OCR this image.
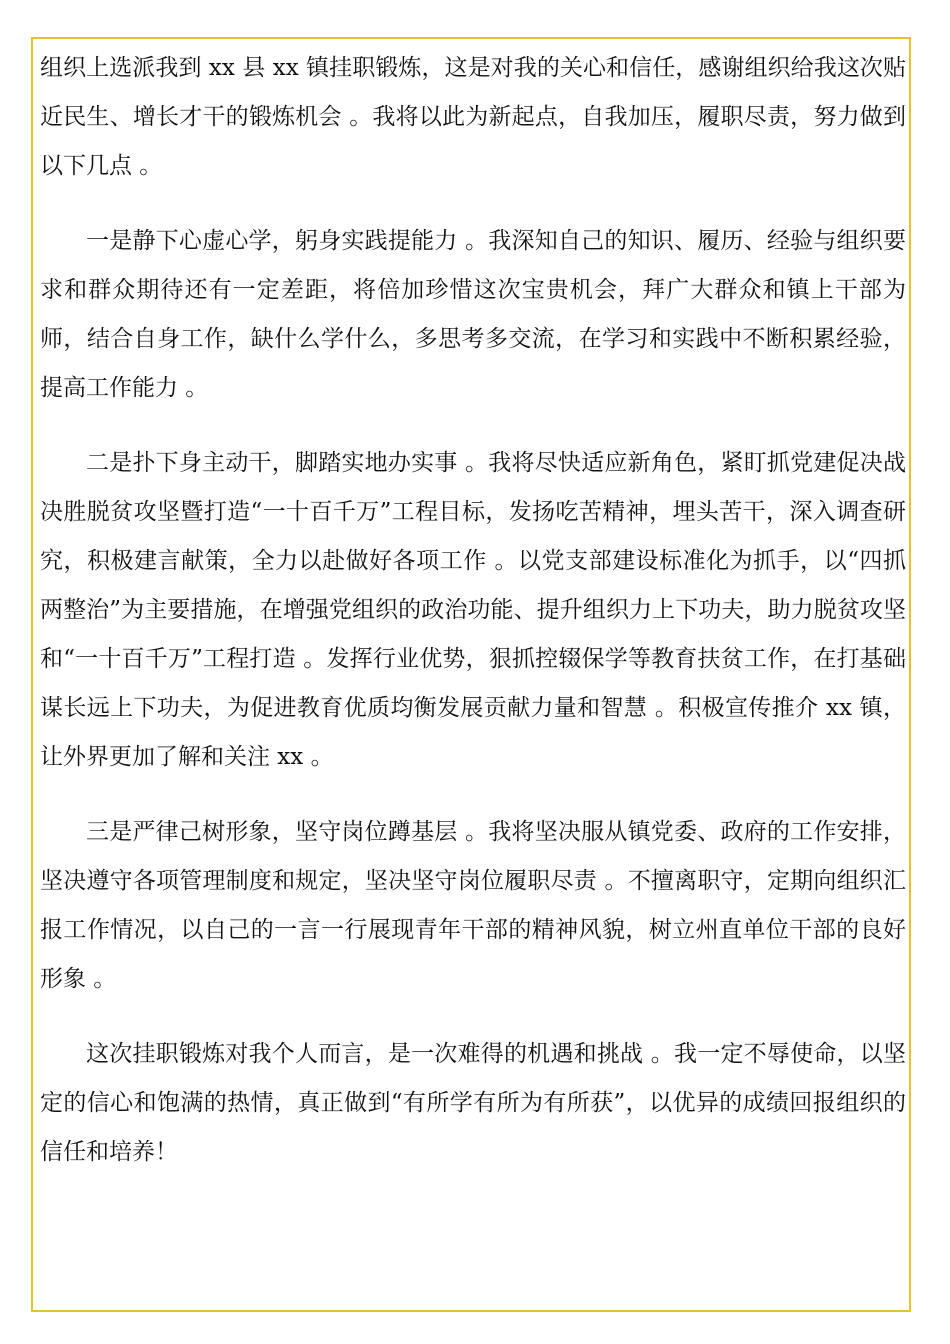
组织上选派我到 xx 县 xx 镇挂职锻炼，这是对我的关心和信任，感谢组织给我这次贴近民生、增长才干的锻炼机会 。我将以此为新起点，自我加压，履职尽责，努力做到以下几点 。

一是静下心虚心学，躬身实践提能力 。我深知自己的知识、履历、经验与组织要求和群众期待还有一定差距，将倍加珍惜这次宝贵机会，拜广大群众和镇上干部为师，结合自身工作，缺什么学什么，多思考多交流，在学习和实践中不断积累经验，提高工作能力 。

二是扑下身主动干，脚踏实地办实事 。我将尽快适应新角色，紧盯抓党建促决战决胜脱贫攻坚暨打造“一十百千万”工程目标，发扬吃苦精神，埋头苦干，深入调查研究，积极建言献策，全力以赴做好各项工作 。以党支部建设标准化为抓手，以“四抓两整治”为主要措施，在增强党组织的政治功能、提升组织力上下功夫，助力脱贫攻坚和“一十百千万”工程打造 。发挥行业优势，狠抓控辍保学等教育扶贫工作，在打基础谋长远上下功夫，为促进教育优质均衡发展贡献力量和智慧 。积极宣传推介 xx 镇，让外界更加了解和关注 xx 。

三是严律己树形象，坚守岗位蹲基层 。我将坚决服从镇党委、政府的工作安排，坚决遵守各项管理制度和规定，坚决坚守岗位履职尽责 。不擅离职守，定期向组织汇报工作情况，以自己的一言一行展现青年干部的精神风貌，树立州直单位干部的良好形象 。

这次挂职锻炼对我个人而言，是一次难得的机遇和挑战 。我一定不辱使命，以坚定的信心和饱满的热情，真正做到“有所学有所为有所获”，以优异的成绩回报组织的信任和培养！
